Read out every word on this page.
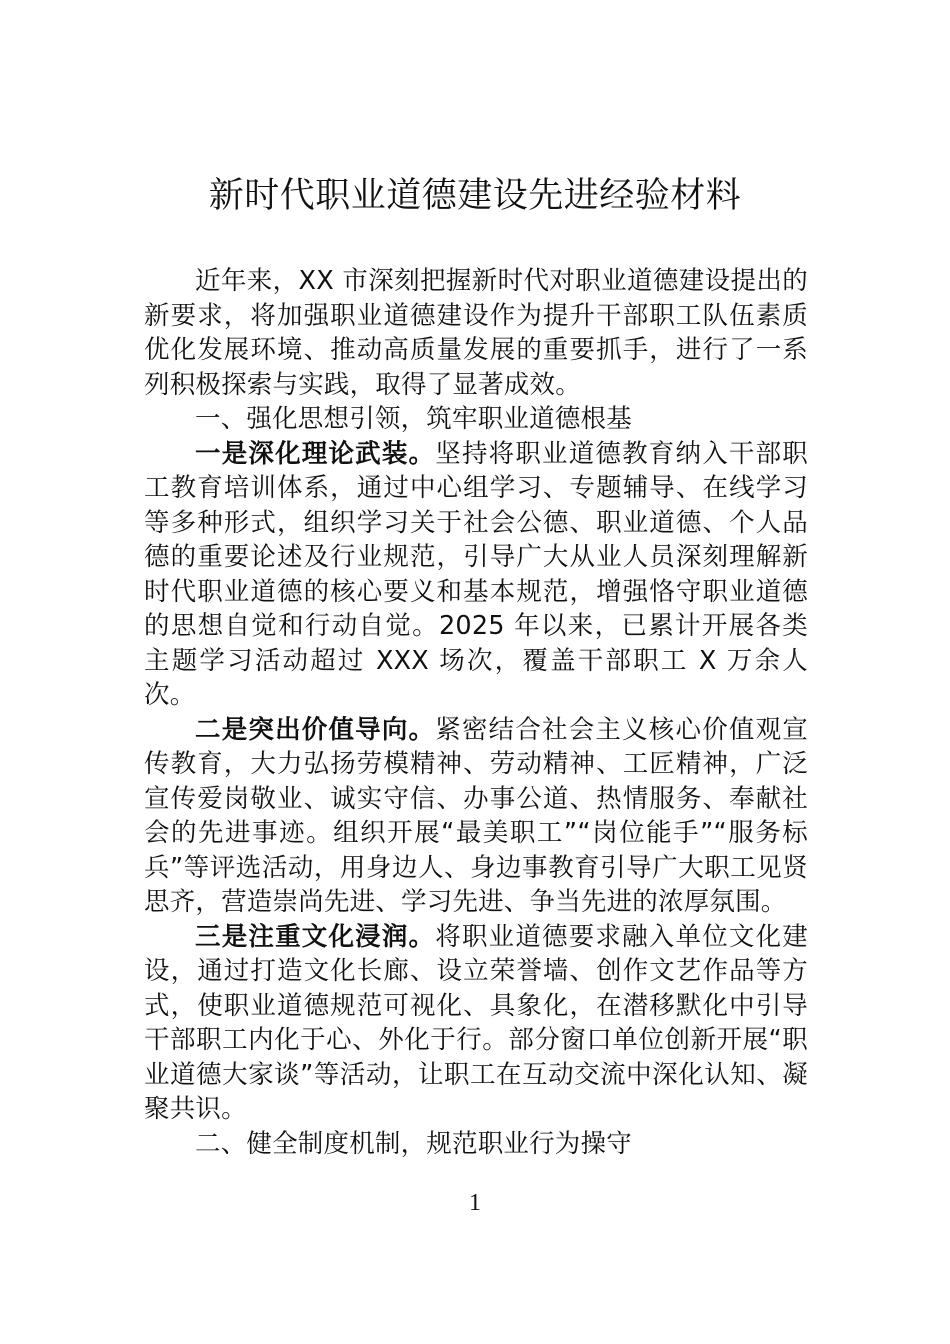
新时代职业道德建设先进经验材料

近年来，XX 市深刻把握新时代对职业道德建设提出的新要求，将加强职业道德建设作为提升干部职工队伍素质优化发展环境、推动高质量发展的重要抓手，进行了一系列积极探索与实践，取得了显著成效。

一、强化思想引领，筑牢职业道德根基

一是深化理论武装。坚持将职业道德教育纳入干部职工教育培训体系，通过中心组学习、专题辅导、在线学习等多种形式，组织学习关于社会公德、职业道德、个人品德的重要论述及行业规范，引导广大从业人员深刻理解新时代职业道德的核心要义和基本规范，增强恪守职业道德的思想自觉和行动自觉。2025 年以来，已累计开展各类主题学习活动超过 XXX 场次，覆盖干部职工 X 万余人次。

二是突出价值导向。紧密结合社会主义核心价值观宣传教育，大力弘扬劳模精神、劳动精神、工匠精神，广泛宣传爱岗敬业、诚实守信、办事公道、热情服务、奉献社会的先进事迹。组织开展“最美职工”“岗位能手”“服务标兵”等评选活动，用身边人、身边事教育引导广大职工见贤思齐，营造崇尚先进、学习先进、争当先进的浓厚氛围。

三是注重文化浸润。将职业道德要求融入单位文化建设，通过打造文化长廊、设立荣誉墙、创作文艺作品等方式，使职业道德规范可视化、具象化，在潜移默化中引导干部职工内化于心、外化于行。部分窗口单位创新开展“职业道德大家谈”等活动，让职工在互动交流中深化认知、凝聚共识。

二、健全制度机制，规范职业行为操守

1
